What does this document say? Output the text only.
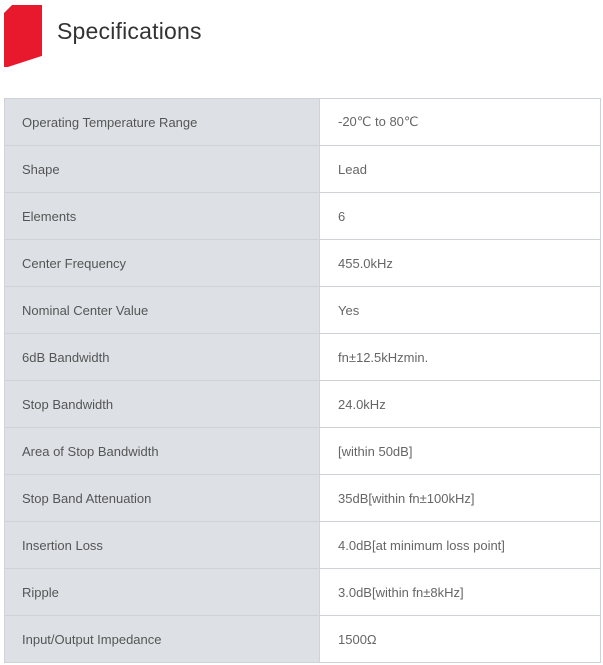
Specifications
Operating Temperature Range	-20℃ to 80℃
Shape	Lead
Elements	6
Center Frequency	455.0kHz
Nominal Center Value	Yes
6dB Bandwidth	fn±12.5kHzmin.
Stop Bandwidth	24.0kHz
Area of Stop Bandwidth	[within 50dB]
Stop Band Attenuation	35dB[within fn±100kHz]
Insertion Loss	4.0dB[at minimum loss point]
Ripple	3.0dB[within fn±8kHz]
Input/Output Impedance	1500Ω
